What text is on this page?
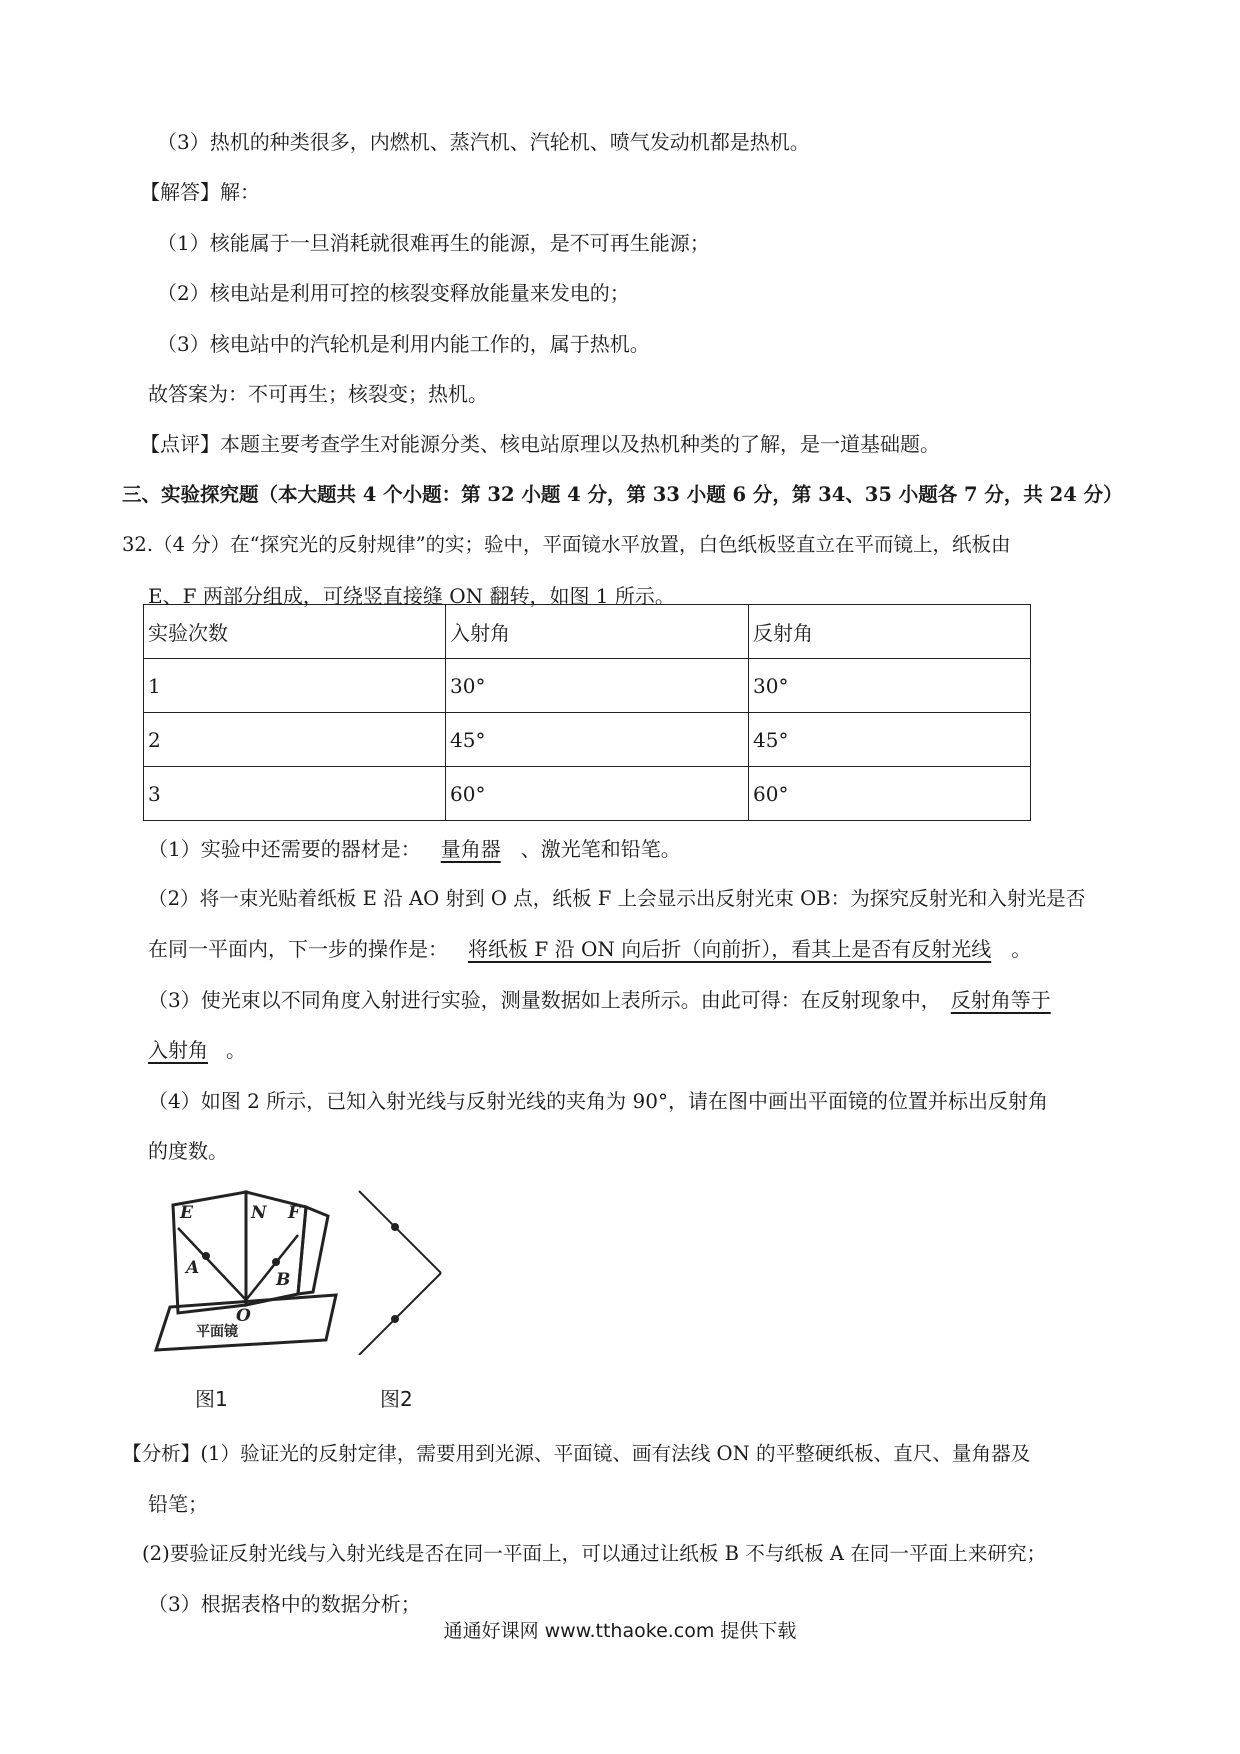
（3）热机的种类很多，内燃机、蒸汽机、汽轮机、喷气发动机都是热机。
【解答】解：
（1）核能属于一旦消耗就很难再生的能源，是不可再生能源；
（2）核电站是利用可控的核裂变释放能量来发电的；
（3）核电站中的汽轮机是利用内能工作的，属于热机。
故答案为：不可再生；核裂变；热机。
【点评】本题主要考查学生对能源分类、核电站原理以及热机种类的了解，是一道基础题。
三、实验探究题（本大题共 4 个小题：第 32 小题 4 分，第 33 小题 6 分，第 34、35 小题各 7 分，共 24 分）
32.（4 分）在“探究光的反射规律”的实；验中，平面镜水平放置，白色纸板竖直立在平而镜上，纸板由
E、F 两部分组成，可绕竖直接缝 ON 翻转，如图 1 所示。
实验次数	入射角	反射角
1	30°	30°
2	45°	45°
3	60°	60°
（1）实验中还需要的器材是： 量角器 、激光笔和铅笔。
（2）将一束光贴着纸板 E 沿 AO 射到 O 点，纸板 F 上会显示出反射光束 OB：为探究反射光和入射光是否
在同一平面内，下一步的操作是： 将纸板 F 沿 ON 向后折（向前折），看其上是否有反射光线 。
（3）使光束以不同角度入射进行实验，测量数据如上表所示。由此可得：在反射现象中， 反射角等于
入射角 。
（4）如图 2 所示，已知入射光线与反射光线的夹角为 90°，请在图中画出平面镜的位置并标出反射角
的度数。
E	N F
A
B
O
平面镜
图1	图2
【分析】(1）验证光的反射定律，需要用到光源、平面镜、画有法线 ON 的平整硬纸板、直尺、量角器及
铅笔；
(2)要验证反射光线与入射光线是否在同一平面上，可以通过让纸板 B 不与纸板 A 在同一平面上来研究；
（3）根据表格中的数据分析；
通通好课网 www.tthaoke.com 提供下载
